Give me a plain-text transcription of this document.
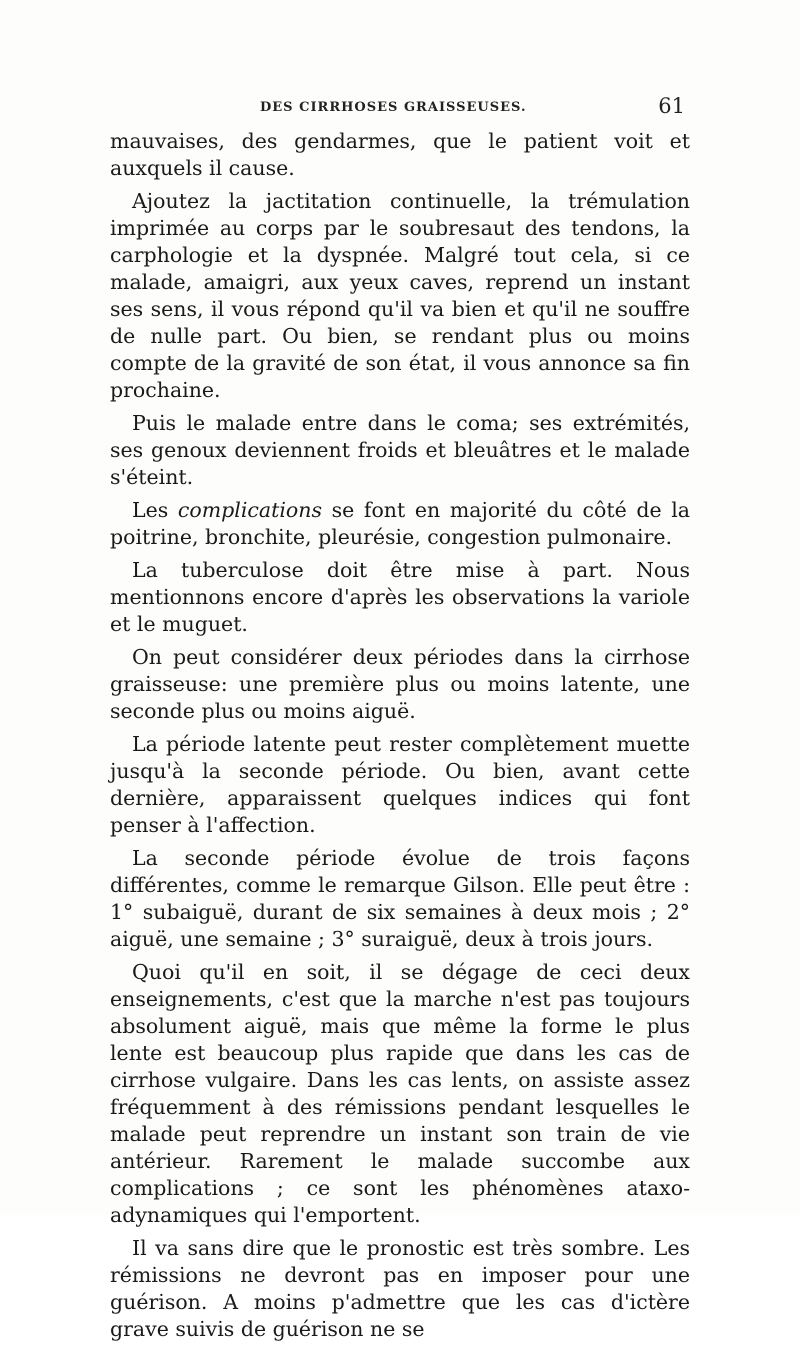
DES CIRRHOSES GRAISSEUSES.	61

mauvaises, des gendarmes, que le patient voit et auxquels il cause.

Ajoutez la jactitation continuelle, la trémulation imprimée au corps par le soubresaut des tendons, la carphologie et la dyspnée. Malgré tout cela, si ce malade, amaigri, aux yeux caves, reprend un instant ses sens, il vous répond qu'il va bien et qu'il ne souffre de nulle part. Ou bien, se rendant plus ou moins compte de la gravité de son état, il vous annonce sa fin prochaine.

Puis le malade entre dans le coma; ses extrémités, ses genoux deviennent froids et bleuâtres et le malade s'éteint.

Les complications se font en majorité du côté de la poitrine, bronchite, pleurésie, congestion pulmonaire.

La tuberculose doit être mise à part. Nous mentionnons encore d'après les observations la variole et le muguet.

On peut considérer deux périodes dans la cirrhose graisseuse: une première plus ou moins latente, une seconde plus ou moins aiguë.

La période latente peut rester complètement muette jusqu'à la seconde période. Ou bien, avant cette dernière, apparaissent quelques indices qui font penser à l'affection.

La seconde période évolue de trois façons différentes, comme le remarque Gilson. Elle peut être : 1° subaiguë, durant de six semaines à deux mois ; 2° aiguë, une semaine ; 3° suraiguë, deux à trois jours.

Quoi qu'il en soit, il se dégage de ceci deux enseignements, c'est que la marche n'est pas toujours absolument aiguë, mais que même la forme le plus lente est beaucoup plus rapide que dans les cas de cirrhose vulgaire. Dans les cas lents, on assiste assez fréquemment à des rémissions pendant lesquelles le malade peut reprendre un instant son train de vie antérieur. Rarement le malade succombe aux complications ; ce sont les phénomènes ataxo-adynamiques qui l'emportent.

Il va sans dire que le pronostic est très sombre. Les rémissions ne devront pas en imposer pour une guérison. A moins p'admettre que les cas d'ictère grave suivis de guérison ne se
